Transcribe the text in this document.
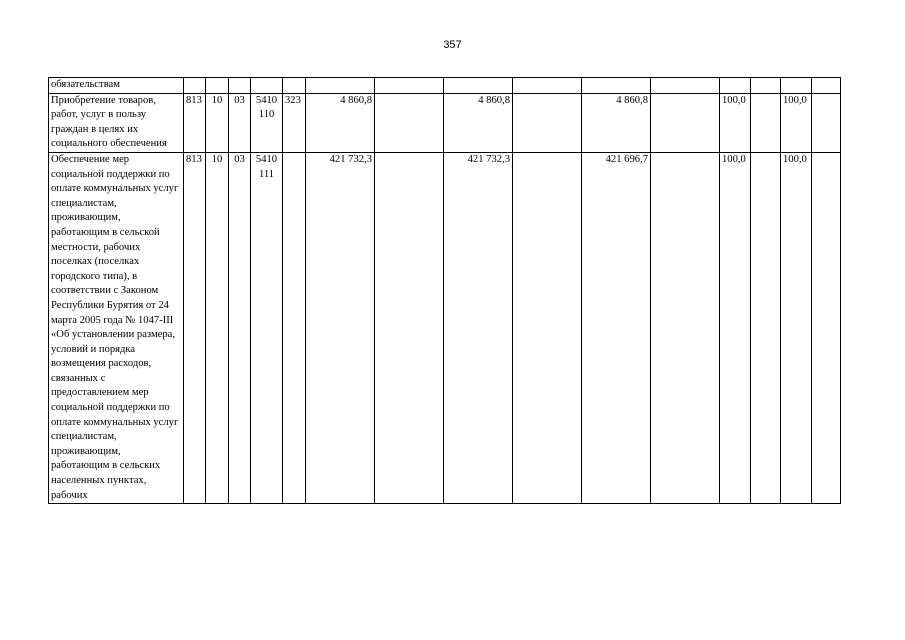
357
обязательствам															
Приобретение товаров, работ, услуг в пользу граждан в целях их социального обеспечения	813	10	03	5410 110	323	4 860,8		4 860,8		4 860,8		100,0		100,0	
Обеспечение мер социальной поддержки по оплате коммунальных услуг специалистам, проживающим, работающим в сельской местности, рабочих поселках (поселках городского типа), в соответствии с Законом Республики Бурятия от 24 марта 2005 года № 1047-III «Об установлении размера, условий и порядка возмещения расходов, связанных с предоставлением мер социальной поддержки по оплате коммунальных услуг специалистам, проживающим, работающим в сельских населенных пунктах, рабочих	813	10	03	5410 111		421 732,3		421 732,3		421 696,7		100,0		100,0	
